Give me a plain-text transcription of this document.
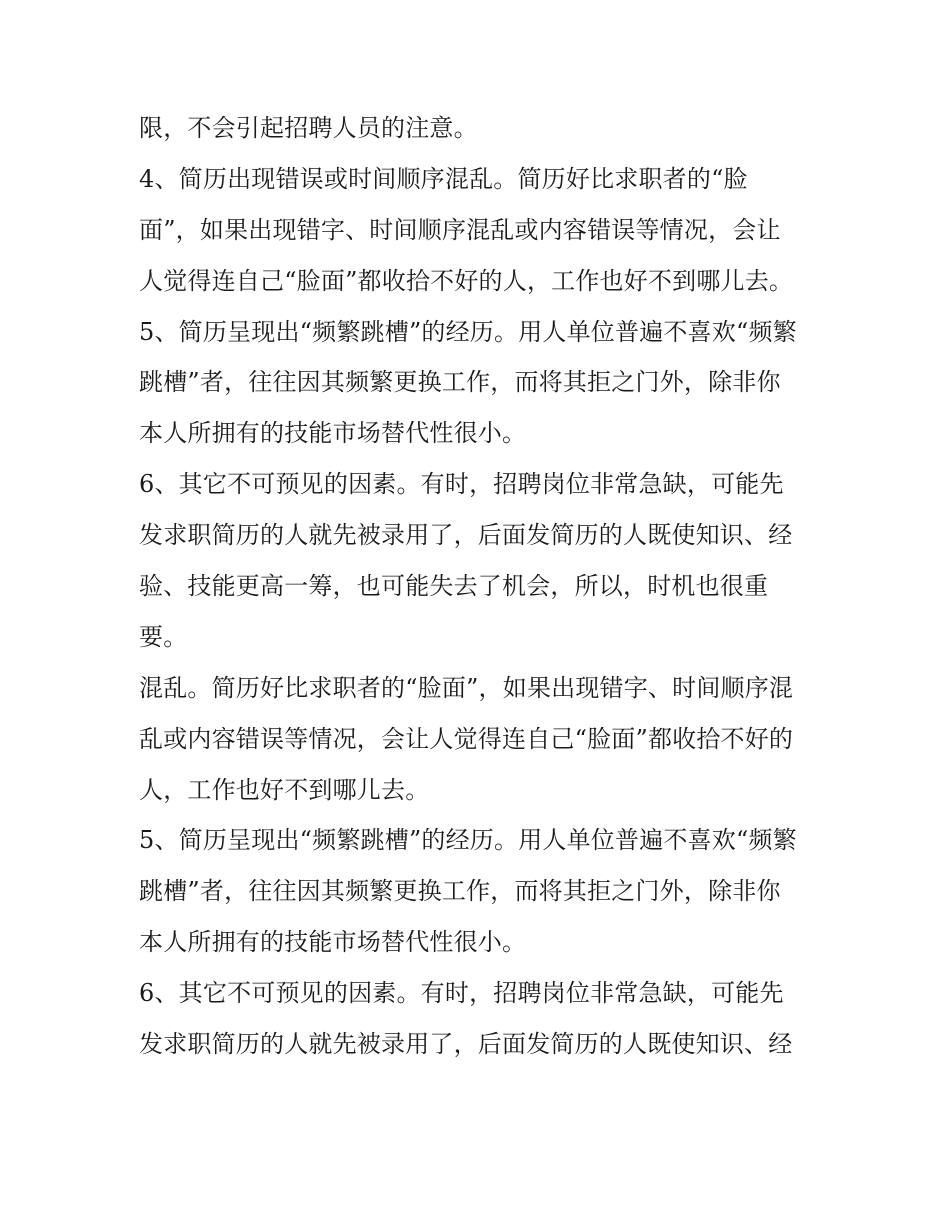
限，不会引起招聘人员的注意。
4、简历出现错误或时间顺序混乱。简历好比求职者的“脸
面”，如果出现错字、时间顺序混乱或内容错误等情况，会让
人觉得连自己“脸面”都收拾不好的人，工作也好不到哪儿去。
5、简历呈现出“频繁跳槽”的经历。用人单位普遍不喜欢“频繁
跳槽”者，往往因其频繁更换工作，而将其拒之门外，除非你
本人所拥有的技能市场替代性很小。
6、其它不可预见的因素。有时，招聘岗位非常急缺，可能先
发求职简历的人就先被录用了，后面发简历的人既使知识、经
验、技能更高一筹，也可能失去了机会，所以，时机也很重
要。
混乱。简历好比求职者的“脸面”，如果出现错字、时间顺序混
乱或内容错误等情况，会让人觉得连自己“脸面”都收拾不好的
人，工作也好不到哪儿去。
5、简历呈现出“频繁跳槽”的经历。用人单位普遍不喜欢“频繁
跳槽”者，往往因其频繁更换工作，而将其拒之门外，除非你
本人所拥有的技能市场替代性很小。
6、其它不可预见的因素。有时，招聘岗位非常急缺，可能先
发求职简历的人就先被录用了，后面发简历的人既使知识、经
